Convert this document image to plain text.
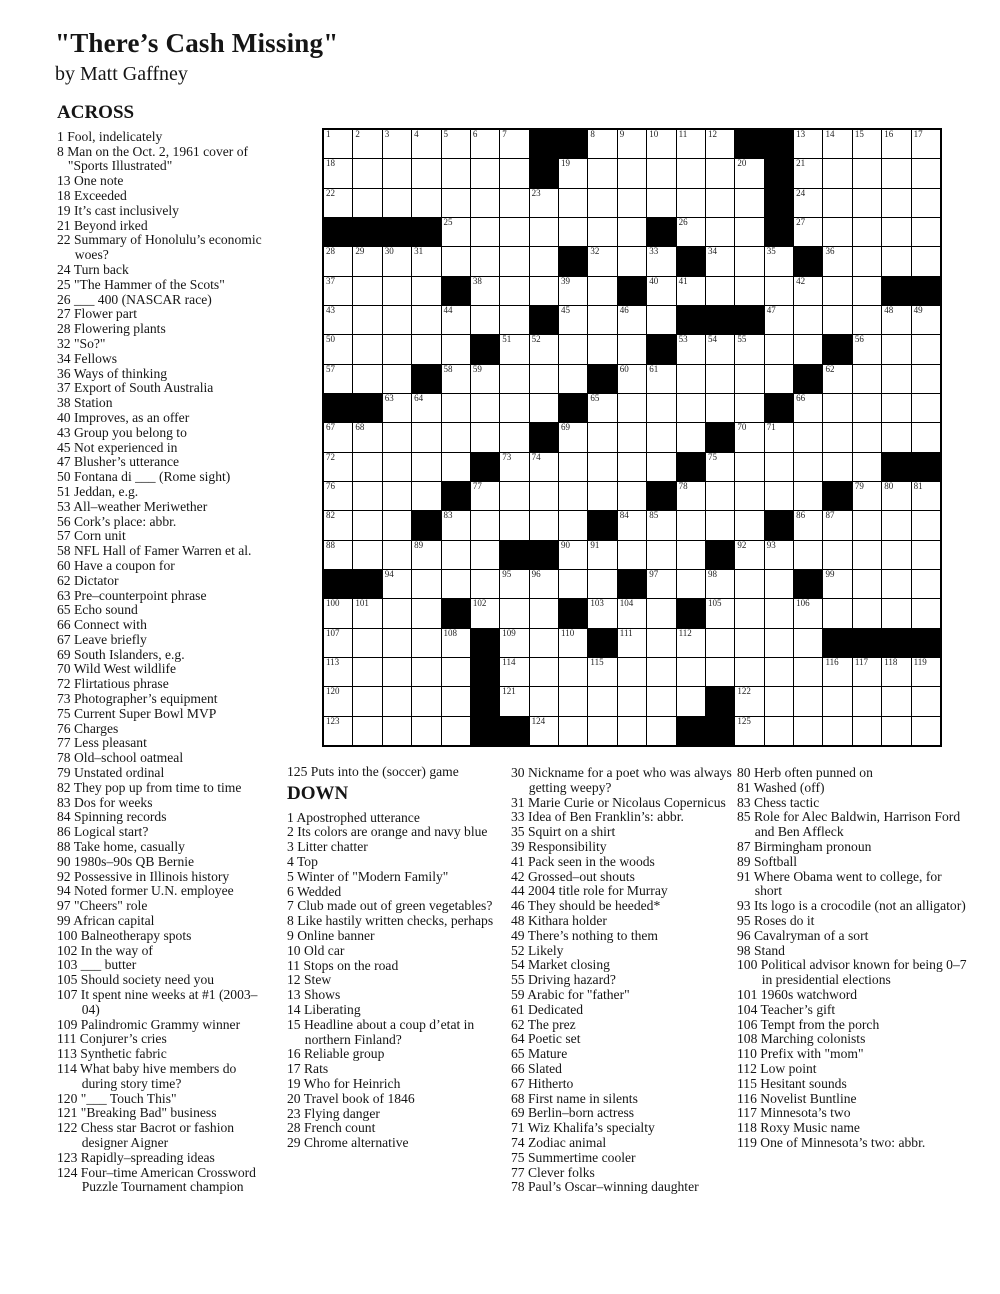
"There’s Cash Missing"
by Matt Gaffney
1	2	3	4	5	6	7	8	9	10 11 12	13 14 15 16 17
18	19	20	21
22	23	24
25	26	27
28 29 30 31	32	33	34	35	36
37	38	39	40 41	42
43	44	45	46	47	48 49
50	51 52	53 54 55	56
57	58 59	60 61	62
63 64	65	66
67 68	69	70 71
72	73 74	75
76	77	78	79 80 81
82	83	84 85	86 87
88	89	90 91	92 93
94	95 96	97	98	99
100 101	102	103 104	105	106
107	108	109	110	111	112
113	114	115	116 117 118 119
120	121	122
123	124	125
ACROSS
1 Fool, indelicately
8 Man on the Oct. 2, 1961 cover of "Sports Illustrated"
13 One note
18 Exceeded
19 It’s cast inclusively
21 Beyond irked
22 Summary of Honolulu’s economic woes?
24 Turn back
25 "The Hammer of the Scots"
26 ___ 400 (NASCAR race)
27 Flower part
28 Flowering plants
32 "So?"
34 Fellows
36 Ways of thinking
37 Export of South Australia
38 Station
40 Improves, as an offer
43 Group you belong to
45 Not experienced in
47 Blusher’s utterance
50 Fontana di ___ (Rome sight)
51 Jeddan, e.g.
53 All–weather Meriwether
56 Cork’s place: abbr.
57 Corn unit
58 NFL Hall of Famer Warren et al.
60 Have a coupon for
62 Dictator
63 Pre–counterpoint phrase
65 Echo sound
66 Connect with
67 Leave briefly
69 South Islanders, e.g.
70 Wild West wildlife
72 Flirtatious phrase
73 Photographer’s equipment
75 Current Super Bowl MVP
76 Charges
77 Less pleasant
78 Old–school oatmeal
79 Unstated ordinal
82 They pop up from time to time
83 Dos for weeks
84 Spinning records
86 Logical start?
88 Take home, casually
90 1980s–90s QB Bernie
92 Possessive in Illinois history
94 Noted former U.N. employee
97 "Cheers" role
99 African capital
100 Balneotherapy spots
102 In the way of
103 ___ butter
105 Should society need you
107 It spent nine weeks at #1 (2003–04)
109 Palindromic Grammy winner
111 Conjurer’s cries
113 Synthetic fabric
114 What baby hive members do during story time?
120 "___ Touch This"
121 "Breaking Bad" business
122 Chess star Bacrot or fashion designer Aigner
123 Rapidly–spreading ideas
124 Four–time American Crossword Puzzle Tournament champion
125 Puts into the (soccer) game
DOWN
1 Apostrophed utterance
2 Its colors are orange and navy blue
3 Litter chatter
4 Top
5 Winter of "Modern Family"
6 Wedded
7 Club made out of green vegetables?
8 Like hastily written checks, perhaps
9 Online banner
10 Old car
11 Stops on the road
12 Stew
13 Shows
14 Liberating
15 Headline about a coup d’etat in northern Finland?
16 Reliable group
17 Rats
19 Who for Heinrich
20 Travel book of 1846
23 Flying danger
28 French count
29 Chrome alternative
30 Nickname for a poet who was always getting weepy?
31 Marie Curie or Nicolaus Copernicus
33 Idea of Ben Franklin’s: abbr.
35 Squirt on a shirt
39 Responsibility
41 Pack seen in the woods
42 Grossed–out shouts
44 2004 title role for Murray
46 They should be heeded*
48 Kithara holder
49 There’s nothing to them
52 Likely
54 Market closing
55 Driving hazard?
59 Arabic for "father"
61 Dedicated
62 The prez
64 Poetic set
65 Mature
66 Slated
67 Hitherto
68 First name in silents
69 Berlin–born actress
71 Wiz Khalifa’s specialty
74 Zodiac animal
75 Summertime cooler
77 Clever folks
78 Paul’s Oscar–winning daughter
80 Herb often punned on
81 Washed (off)
83 Chess tactic
85 Role for Alec Baldwin, Harrison Ford and Ben Affleck
87 Birmingham pronoun
89 Softball
91 Where Obama went to college, for short
93 Its logo is a crocodile (not an alligator)
95 Roses do it
96 Cavalryman of a sort
98 Stand
100 Political advisor known for being 0–7 in presidential elections
101 1960s watchword
104 Teacher’s gift
106 Tempt from the porch
108 Marching colonists
110 Prefix with "mom"
112 Low point
115 Hesitant sounds
116 Novelist Buntline
117 Minnesota’s two
118 Roxy Music name
119 One of Minnesota’s two: abbr.
